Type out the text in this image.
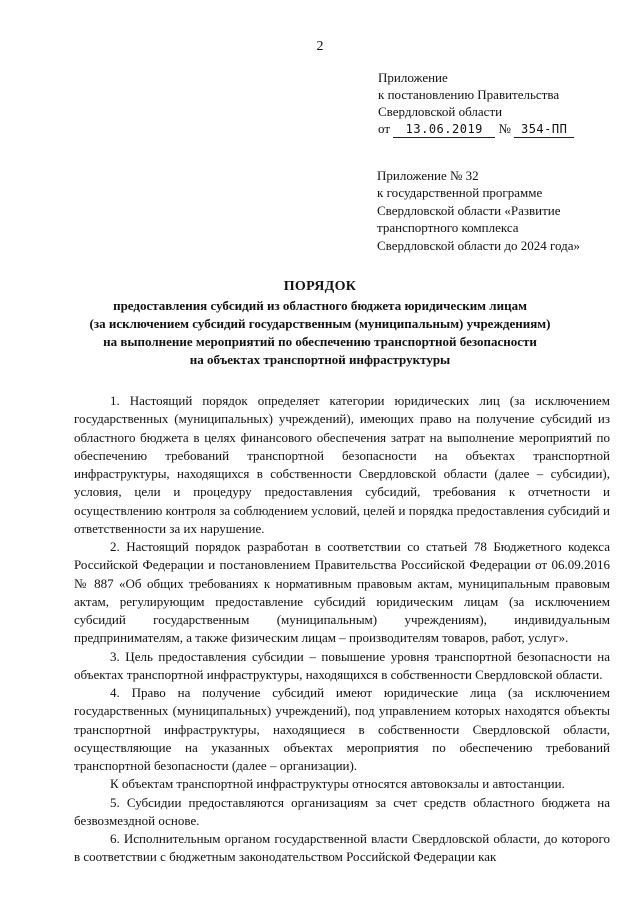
2
Приложение
к постановлению Правительства
Свердловской области
от 13.06.2019 № 354-ПП
Приложение № 32
к государственной программе
Свердловской области «Развитие
транспортного комплекса
Свердловской области до 2024 года»
ПОРЯДОК
предоставления субсидий из областного бюджета юридическим лицам
(за исключением субсидий государственным (муниципальным) учреждениям)
на выполнение мероприятий по обеспечению транспортной безопасности
на объектах транспортной инфраструктуры

1. Настоящий порядок определяет категории юридических лиц (за исключением государственных (муниципальных) учреждений), имеющих право на получение субсидий из областного бюджета в целях финансового обеспечения затрат на выполнение мероприятий по обеспечению требований транспортной безопасности на объектах транспортной инфраструктуры, находящихся в собственности Свердловской области (далее – субсидии), условия, цели и процедуру предоставления субсидий, требования к отчетности и осуществлению контроля за соблюдением условий, целей и порядка предоставления субсидий и ответственности за их нарушение.

2. Настоящий порядок разработан в соответствии со статьей 78 Бюджетного кодекса Российской Федерации и постановлением Правительства Российской Федерации от 06.09.2016 № 887 «Об общих требованиях к нормативным правовым актам, муниципальным правовым актам, регулирующим предоставление субсидий юридическим лицам (за исключением субсидий государственным (муниципальным) учреждениям), индивидуальным предпринимателям, а также физическим лицам – производителям товаров, работ, услуг».

3. Цель предоставления субсидии – повышение уровня транспортной безопасности на объектах транспортной инфраструктуры, находящихся в собственности Свердловской области.

4. Право на получение субсидий имеют юридические лица (за исключением государственных (муниципальных) учреждений), под управлением которых находятся объекты транспортной инфраструктуры, находящиеся в собственности Свердловской области, осуществляющие на указанных объектах мероприятия по обеспечению требований транспортной безопасности (далее – организации).

К объектам транспортной инфраструктуры относятся автовокзалы и автостанции.

5. Субсидии предоставляются организациям за счет средств областного бюджета на безвозмездной основе.

6. Исполнительным органом государственной власти Свердловской области, до которого в соответствии с бюджетным законодательством Российской Федерации как
